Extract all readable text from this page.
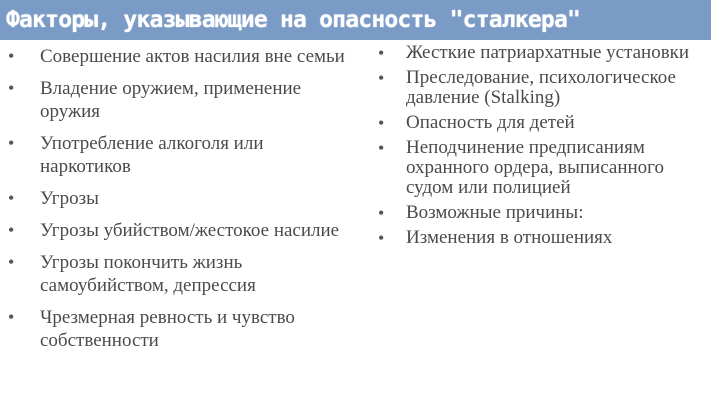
Факторы, указывающие на опасность "сталкера"
• Совершение актов насилия вне семьи
• Владение оружием, применение оружия
• Употребление алкоголя или наркотиков
• Угрозы
• Угрозы убийством/жестокое насилие
• Угрозы покончить жизнь самоубийством, депрессия
• Чрезмерная ревность и чувство собственности
• Жесткие патриархатные установки
• Преследование, психологическое давление (Stalking)
• Опасность для детей
• Неподчинение предписаниям охранного ордера, выписанного судом или полицией
• Возможные причины:
• Изменения в отношениях
